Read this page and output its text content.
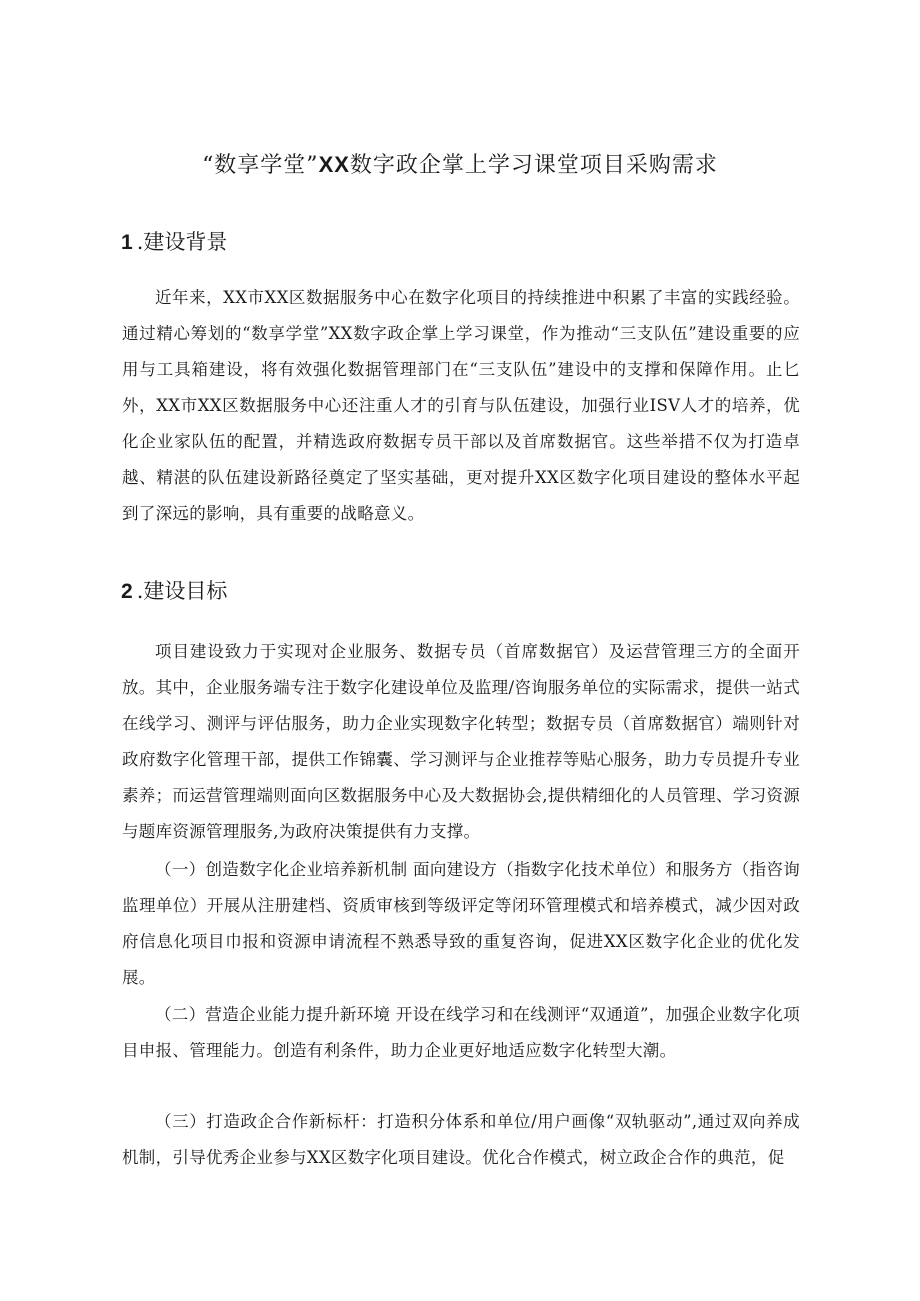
“数享学堂”XX数字政企掌上学习课堂项目采购需求
1 .建设背景

近年来，XX市XX区数据服务中心在数字化项目的持续推进中积累了丰富的实践经验。通过精心筹划的“数享学堂”XX数字政企掌上学习课堂，作为推动“三支队伍”建设重要的应用与工具箱建设，将有效强化数据管理部门在“三支队伍”建设中的支撑和保障作用。止匕外，XX市XX区数据服务中心还注重人才的引育与队伍建设，加强行业ISV人才的培养，优化企业家队伍的配置，并精选政府数据专员干部以及首席数据官。这些举措不仅为打造卓越、精湛的队伍建设新路径奠定了坚实基础，更对提升XX区数字化项目建设的整体水平起到了深远的影响，具有重要的战略意义。

2 .建设目标

项目建设致力于实现对企业服务、数据专员（首席数据官）及运营管理三方的全面开放。其中，企业服务端专注于数字化建设单位及监理/咨询服务单位的实际需求，提供一站式在线学习、测评与评估服务，助力企业实现数字化转型；数据专员（首席数据官）端则针对政府数字化管理干部，提供工作锦囊、学习测评与企业推荐等贴心服务，助力专员提升专业素养；而运营管理端则面向区数据服务中心及大数据协会,提供精细化的人员管理、学习资源与题库资源管理服务,为政府决策提供有力支撑。

（一）创造数字化企业培养新机制 面向建设方（指数字化技术单位）和服务方（指咨询监理单位）开展从注册建档、资质审核到等级评定等闭环管理模式和培养模式，减少因对政府信息化项目巾报和资源申请流程不熟悉导致的重复咨询，促进XX区数字化企业的优化发展。

（二）营造企业能力提升新环境 开设在线学习和在线测评“双通道”，加强企业数字化项目申报、管理能力。创造有利条件，助力企业更好地适应数字化转型大潮。

（三）打造政企合作新标杆：打造积分体系和单位/用户画像“双轨驱动”,通过双向养成机制，引导优秀企业参与XX区数字化项目建设。优化合作模式，树立政企合作的典范，促
